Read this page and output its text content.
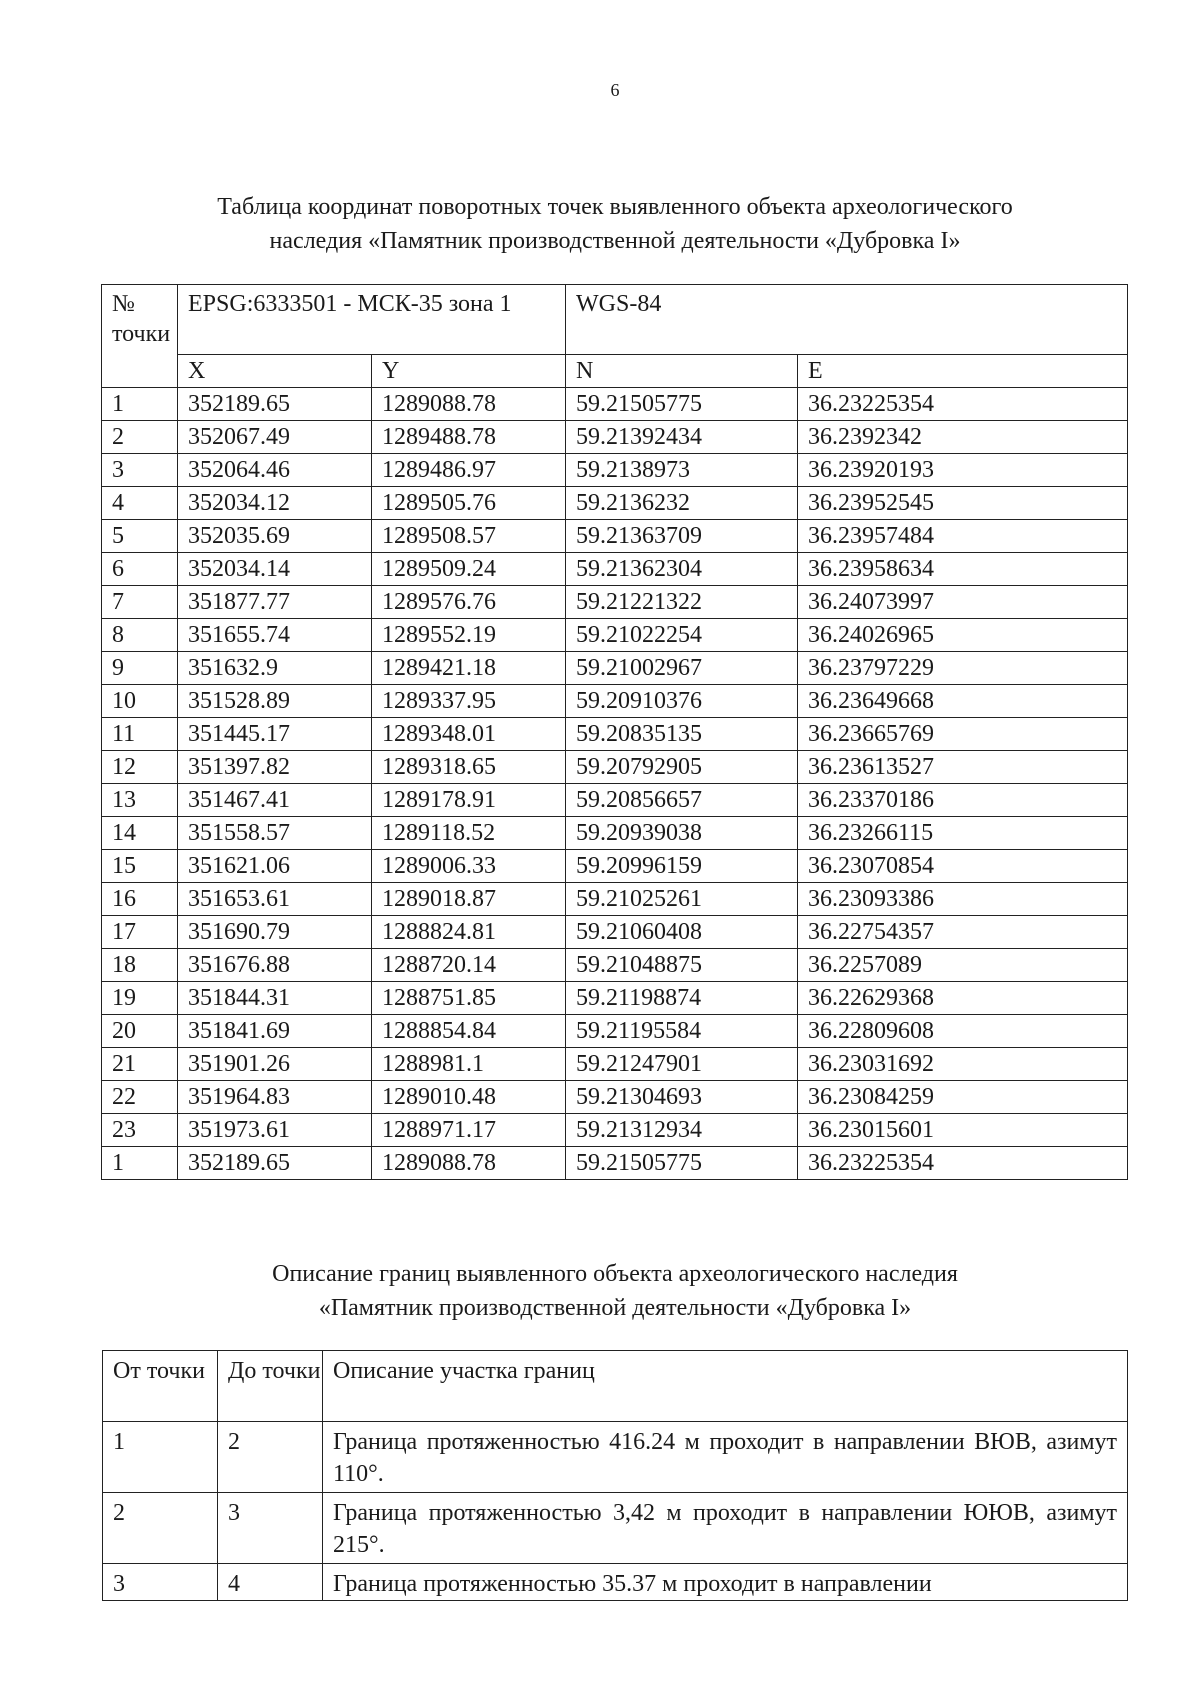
6
Таблица координат поворотных точек выявленного объекта археологического
наследия «Памятник производственной деятельности «Дубровка I»
№ точки	EPSG:6333501 - МСК-35 зона 1		WGS-84	
	X	Y	N	E
1	352189.65	1289088.78	59.21505775	36.23225354
2	352067.49	1289488.78	59.21392434	36.2392342
3	352064.46	1289486.97	59.2138973	36.23920193
4	352034.12	1289505.76	59.2136232	36.23952545
5	352035.69	1289508.57	59.21363709	36.23957484
6	352034.14	1289509.24	59.21362304	36.23958634
7	351877.77	1289576.76	59.21221322	36.24073997
8	351655.74	1289552.19	59.21022254	36.24026965
9	351632.9	1289421.18	59.21002967	36.23797229
10	351528.89	1289337.95	59.20910376	36.23649668
11	351445.17	1289348.01	59.20835135	36.23665769
12	351397.82	1289318.65	59.20792905	36.23613527
13	351467.41	1289178.91	59.20856657	36.23370186
14	351558.57	1289118.52	59.20939038	36.23266115
15	351621.06	1289006.33	59.20996159	36.23070854
16	351653.61	1289018.87	59.21025261	36.23093386
17	351690.79	1288824.81	59.21060408	36.22754357
18	351676.88	1288720.14	59.21048875	36.2257089
19	351844.31	1288751.85	59.21198874	36.22629368
20	351841.69	1288854.84	59.21195584	36.22809608
21	351901.26	1288981.1	59.21247901	36.23031692
22	351964.83	1289010.48	59.21304693	36.23084259
23	351973.61	1288971.17	59.21312934	36.23015601
1	352189.65	1289088.78	59.21505775	36.23225354
Описание границ выявленного объекта археологического наследия
«Памятник производственной деятельности «Дубровка I»
От точки	До точки	Описание участка границ
1	2	Граница протяженностью 416.24 м проходит в направлении ВЮВ, азимут 110°.
2	3	Граница протяженностью 3,42 м проходит в направлении ЮЮВ, азимут 215°.
3	4	Граница протяженностью 35.37 м проходит в направлении
